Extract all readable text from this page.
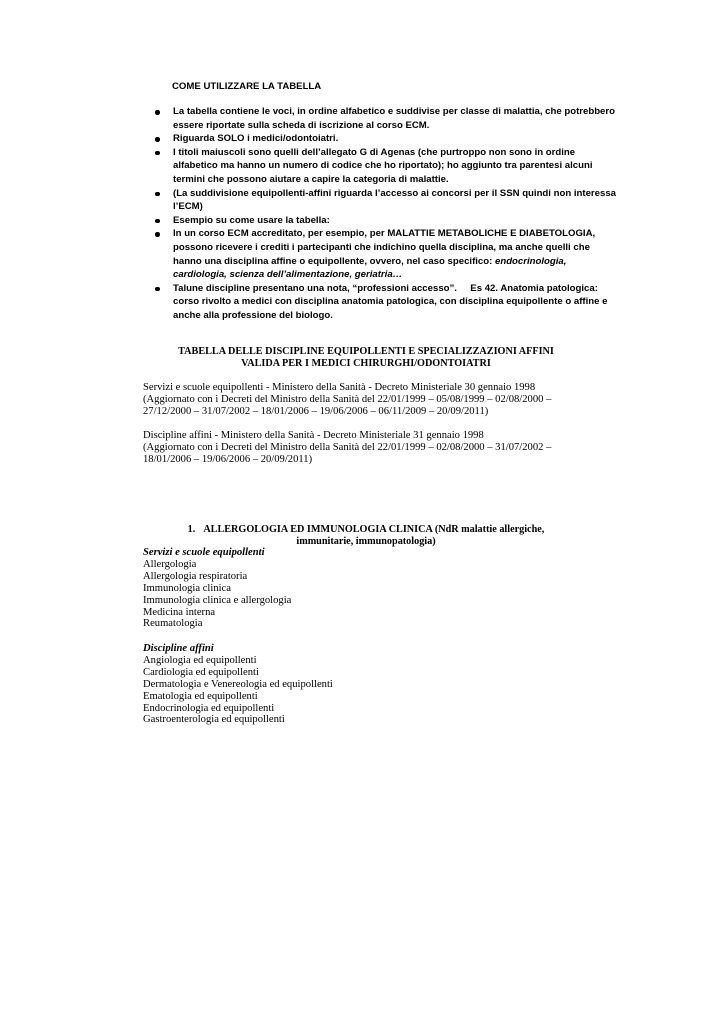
COME UTILIZZARE LA TABELLA
La tabella contiene le voci, in ordine alfabetico e suddivise per classe di malattia, che potrebbero
essere riportate sulla scheda di iscrizione al corso ECM.
Riguarda SOLO i medici/odontoiatri.
I titoli maiuscoli sono quelli dell’allegato G di Agenas (che purtroppo non sono in ordine
alfabetico ma hanno un numero di codice che ho riportato); ho aggiunto tra parentesi alcuni
termini che possono aiutare a capire la categoria di malattie.
(La suddivisione equipollenti-affini riguarda l’accesso ai concorsi per il SSN quindi non interessa
l’ECM)
Esempio su come usare la tabella:
In un corso ECM accreditato, per esempio, per MALATTIE METABOLICHE E DIABETOLOGIA,
possono ricevere i crediti i partecipanti che indichino quella disciplina, ma anche quelli che
hanno una disciplina affine o equipollente, ovvero, nel caso specifico: endocrinologia,
cardiologia, scienza dell’alimentazione, geriatria…
Talune discipline presentano una nota, “professioni accesso”.     Es 42. Anatomia patologica:
corso rivolto a medici con disciplina anatomia patologica, con disciplina equipollente o affine e
anche alla professione del biologo.
TABELLA DELLE DISCIPLINE EQUIPOLLENTI E SPECIALIZZAZIONI AFFINI
VALIDA PER I MEDICI CHIRURGHI/ODONTOIATRI
Servizi e scuole equipollenti - Ministero della Sanità - Decreto Ministeriale 30 gennaio 1998
(Aggiornato con i Decreti del Ministro della Sanità del 22/01/1999 – 05/08/1999 – 02/08/2000 –
27/12/2000 – 31/07/2002 – 18/01/2006 – 19/06/2006 – 06/11/2009 – 20/09/2011)
Discipline affini - Ministero della Sanità - Decreto Ministeriale 31 gennaio 1998
(Aggiornato con i Decreti del Ministro della Sanità del 22/01/1999 – 02/08/2000 – 31/07/2002 –
18/01/2006 – 19/06/2006 – 20/09/2011)
1. ALLERGOLOGIA ED IMMUNOLOGIA CLINICA (NdR malattie allergiche,
immunitarie, immunopatologia)
Servizi e scuole equipollenti
Allergologia
Allergologia respiratoria
Immunologia clinica
Immunologia clinica e allergologia
Medicina interna
Reumatologia
Discipline affini
Angiologia ed equipollenti
Cardiologia ed equipollenti
Dermatologia e Venereologia ed equipollenti
Ematologia ed equipollenti
Endocrinologia ed equipollenti
Gastroenterologia ed equipollenti
